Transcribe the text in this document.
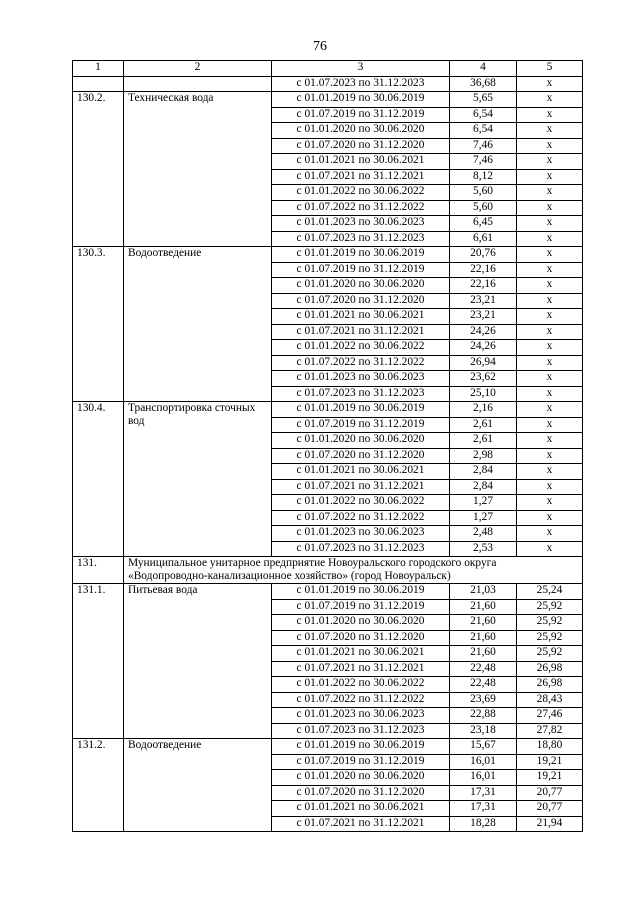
76
1	2	3	4	5
		с 01.07.2023 по 31.12.2023	36,68	х
130.2.	Техническая вода	с 01.01.2019 по 30.06.2019	5,65	х
		с 01.07.2019 по 31.12.2019	6,54	х
		с 01.01.2020 по 30.06.2020	6,54	х
		с 01.07.2020 по 31.12.2020	7,46	х
		с 01.01.2021 по 30.06.2021	7,46	х
		с 01.07.2021 по 31.12.2021	8,12	х
		с 01.01.2022 по 30.06.2022	5,60	х
		с 01.07.2022 по 31.12.2022	5,60	х
		с 01.01.2023 по 30.06.2023	6,45	х
		с 01.07.2023 по 31.12.2023	6,61	х
130.3.	Водоотведение	с 01.01.2019 по 30.06.2019	20,76	х
		с 01.07.2019 по 31.12.2019	22,16	х
		с 01.01.2020 по 30.06.2020	22,16	х
		с 01.07.2020 по 31.12.2020	23,21	х
		с 01.01.2021 по 30.06.2021	23,21	х
		с 01.07.2021 по 31.12.2021	24,26	х
		с 01.01.2022 по 30.06.2022	24,26	х
		с 01.07.2022 по 31.12.2022	26,94	х
		с 01.01.2023 по 30.06.2023	23,62	х
		с 01.07.2023 по 31.12.2023	25,10	х
130.4.	Транспортировка сточных вод	с 01.01.2019 по 30.06.2019	2,16	х
		с 01.07.2019 по 31.12.2019	2,61	х
		с 01.01.2020 по 30.06.2020	2,61	х
		с 01.07.2020 по 31.12.2020	2,98	х
		с 01.01.2021 по 30.06.2021	2,84	х
		с 01.07.2021 по 31.12.2021	2,84	х
		с 01.01.2022 по 30.06.2022	1,27	х
		с 01.07.2022 по 31.12.2022	1,27	х
		с 01.01.2023 по 30.06.2023	2,48	х
		с 01.07.2023 по 31.12.2023	2,53	х
131.	Муниципальное унитарное предприятие Новоуральского городского округа «Водопроводно-канализационное хозяйство» (город Новоуральск)			
131.1.	Питьевая вода	с 01.01.2019 по 30.06.2019	21,03	25,24
		с 01.07.2019 по 31.12.2019	21,60	25,92
		с 01.01.2020 по 30.06.2020	21,60	25,92
		с 01.07.2020 по 31.12.2020	21,60	25,92
		с 01.01.2021 по 30.06.2021	21,60	25,92
		с 01.07.2021 по 31.12.2021	22,48	26,98
		с 01.01.2022 по 30.06.2022	22,48	26,98
		с 01.07.2022 по 31.12.2022	23,69	28,43
		с 01.01.2023 по 30.06.2023	22,88	27,46
		с 01.07.2023 по 31.12.2023	23,18	27,82
131.2.	Водоотведение	с 01.01.2019 по 30.06.2019	15,67	18,80
		с 01.07.2019 по 31.12.2019	16,01	19,21
		с 01.01.2020 по 30.06.2020	16,01	19,21
		с 01.07.2020 по 31.12.2020	17,31	20,77
		с 01.01.2021 по 30.06.2021	17,31	20,77
		с 01.07.2021 по 31.12.2021	18,28	21,94
